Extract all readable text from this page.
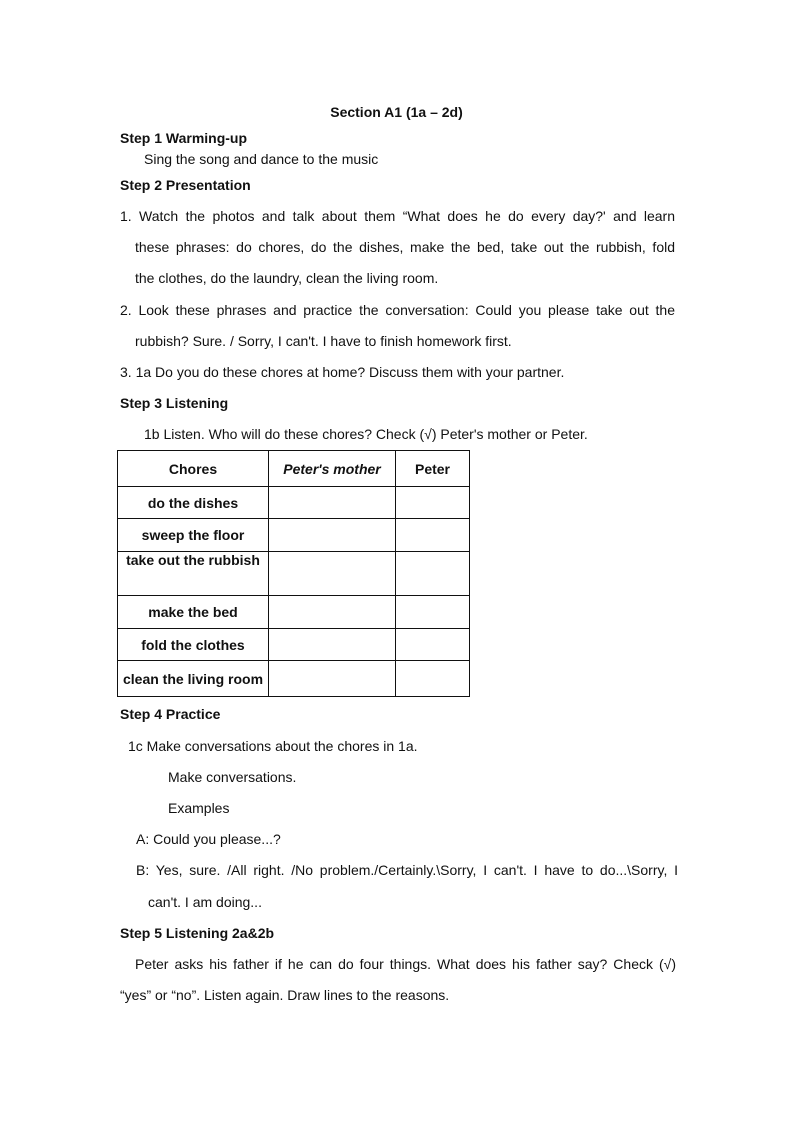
Section A1 (1a – 2d)
Step 1 Warming-up
Sing the song and dance to the music
Step 2 Presentation
1. Watch the photos and talk about them “What does he do every day?' and learn
these phrases: do chores, do the dishes, make the bed, take out the rubbish, fold
the clothes, do the laundry, clean the living room.
2. Look these phrases and practice the conversation: Could you please take out the
rubbish? Sure. / Sorry, I can't. I have to finish homework first.
3. 1a Do you do these chores at home? Discuss them with your partner.
Step 3 Listening
1b Listen. Who will do these chores? Check (√) Peter's mother or Peter.
Chores	Peter's mother	Peter
do the dishes		
sweep the floor		
take out the rubbish		
make the bed		
fold the clothes		
clean the living room		
Step 4 Practice
1c Make conversations about the chores in 1a.
Make conversations.
Examples
A: Could you please...?
B: Yes, sure. /All right. /No problem./Certainly.\Sorry, I can't. I have to do...\Sorry, I
can't. I am doing...
Step 5 Listening 2a&2b
Peter asks his father if he can do four things. What does his father say? Check (√)
“yes” or “no”. Listen again. Draw lines to the reasons.
